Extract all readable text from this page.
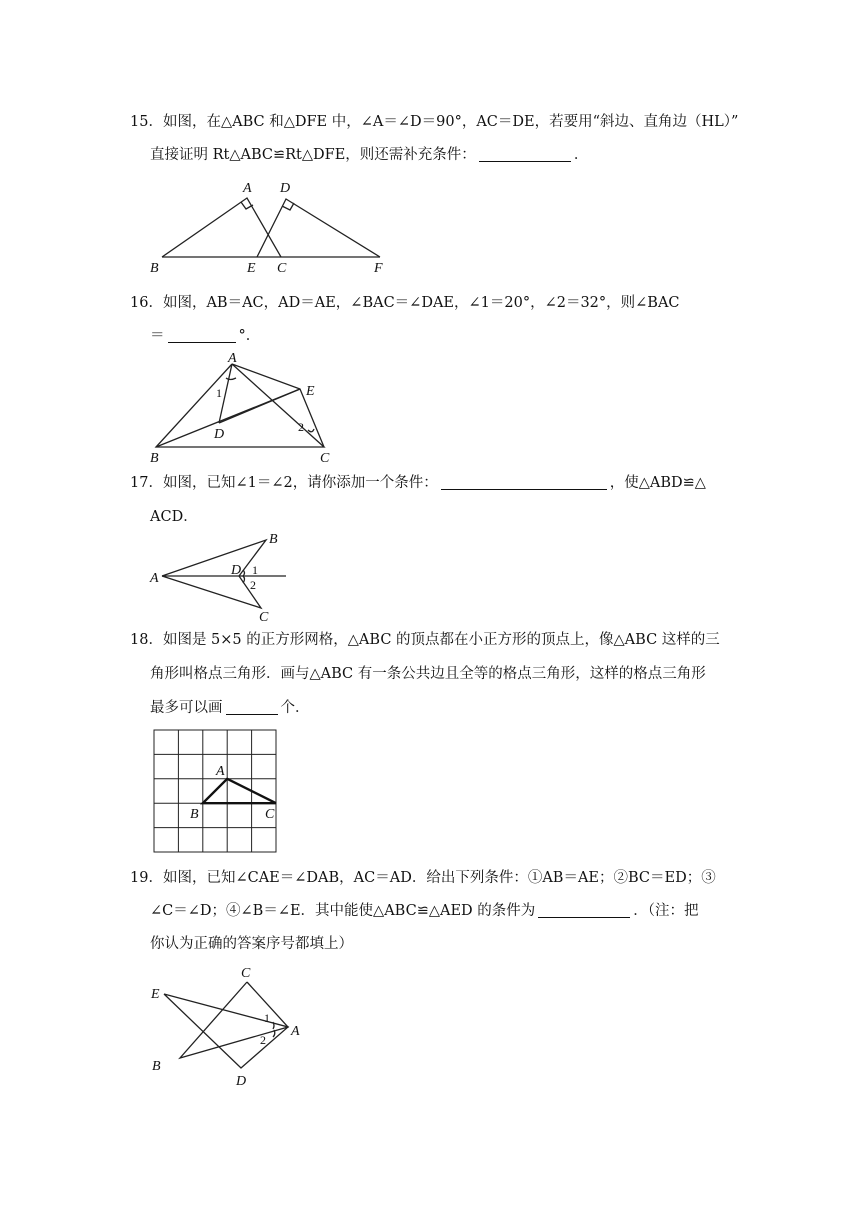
15．如图，在△ABC 和△DFE 中，∠A＝∠D＝90°，AC＝DE，若要用“斜边、直角边（HL）”
直接证明 Rt△ABC≌Rt△DFE，则还需补充条件：	．
A D
B	E C	F
16．如图，AB＝AC，AD＝AE，∠BAC＝∠DAE，∠1＝20°，∠2＝32°，则∠BAC
＝	°．
A
E
1
D	2
B	C
17．如图，已知∠1＝∠2，请你添加一个条件：	，使△ABD≌△
ACD．
B
A
D 1
2
C
18．如图是 5×5 的正方形网格，△ABC 的顶点都在小正方形的顶点上，像△ABC 这样的三
角形叫格点三角形．画与△ABC 有一条公共边且全等的格点三角形，这样的格点三角形
最多可以画	个．
A
B	C
19．如图，已知∠CAE＝∠DAB，AC＝AD．给出下列条件：①AB＝AE；②BC＝ED；③
∠C＝∠D；④∠B＝∠E．其中能使△ABC≌△AED 的条件为	．（注：把
你认为正确的答案序号都填上）
C
E
1
A
2
B
D
